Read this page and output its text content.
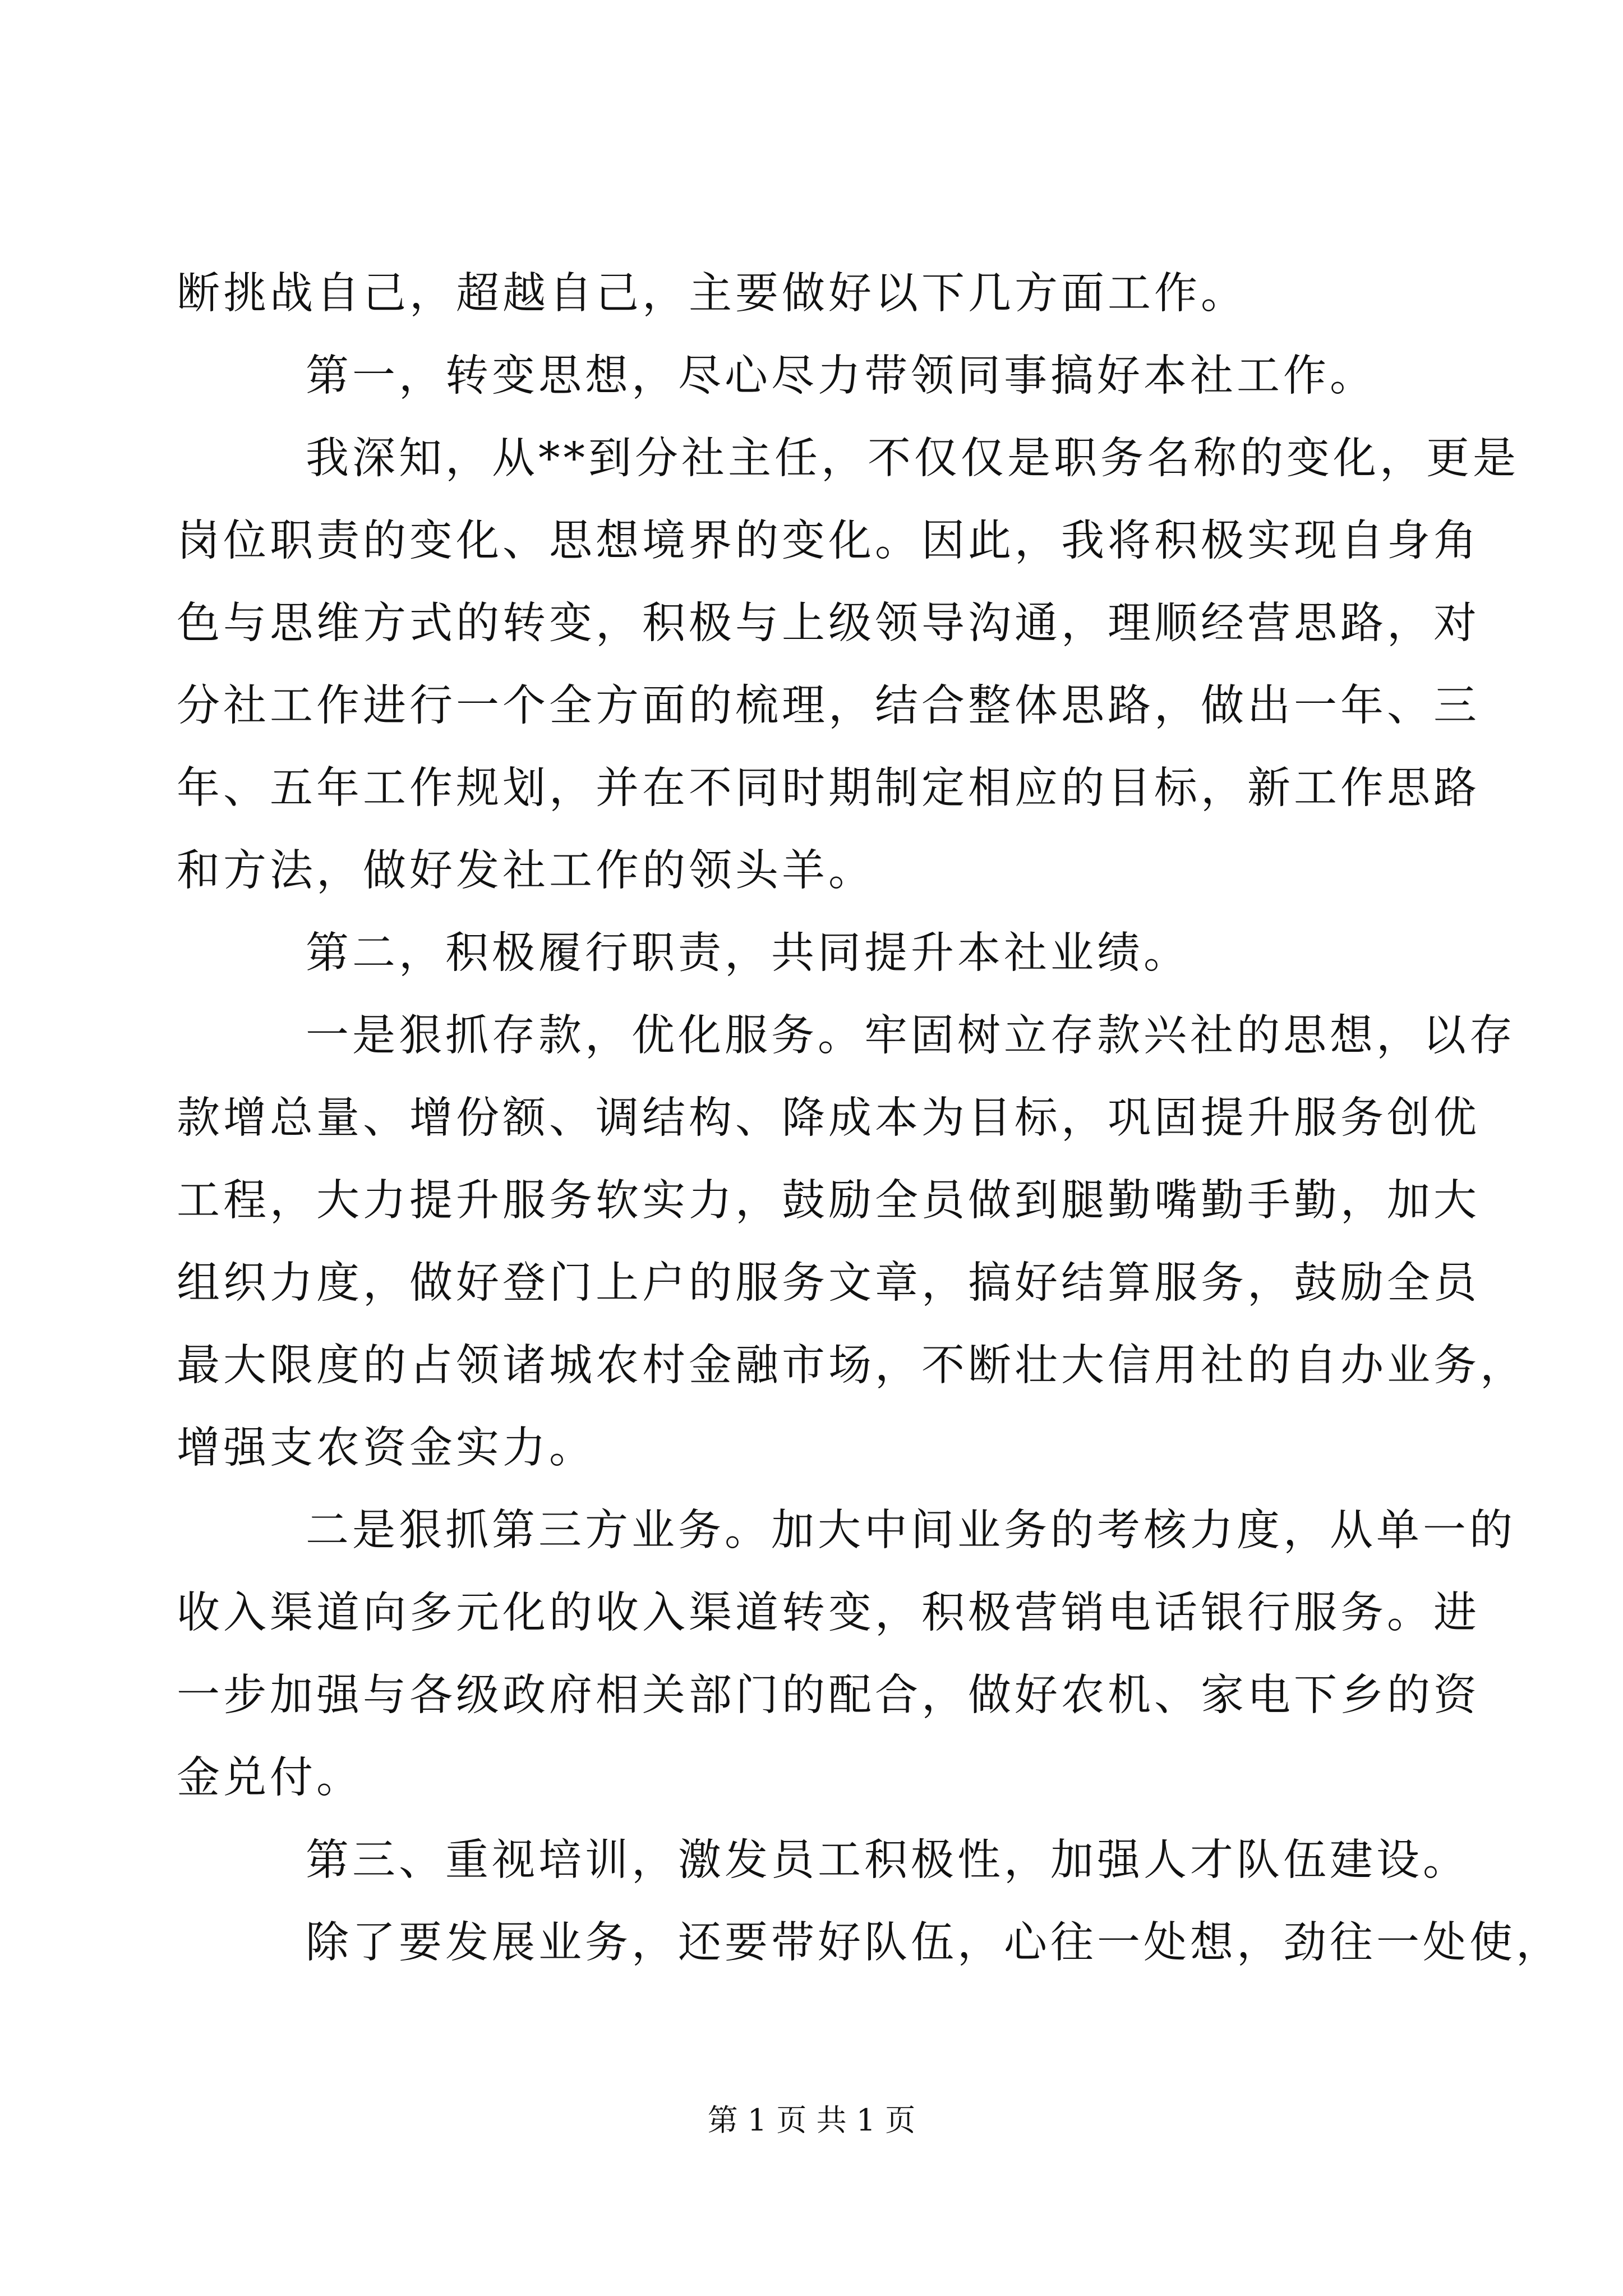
断挑战自己，超越自己，主要做好以下几方面工作。
第一，转变思想，尽心尽力带领同事搞好本社工作。
我深知，从**到分社主任，不仅仅是职务名称的变化，更是
岗位职责的变化、思想境界的变化。因此，我将积极实现自身角
色与思维方式的转变，积极与上级领导沟通，理顺经营思路，对
分社工作进行一个全方面的梳理，结合整体思路，做出一年、三
年、五年工作规划，并在不同时期制定相应的目标，新工作思路
和方法，做好发社工作的领头羊。
第二，积极履行职责，共同提升本社业绩。
一是狠抓存款，优化服务。牢固树立存款兴社的思想，以存
款增总量、增份额、调结构、降成本为目标，巩固提升服务创优
工程，大力提升服务软实力，鼓励全员做到腿勤嘴勤手勤，加大
组织力度，做好登门上户的服务文章，搞好结算服务，鼓励全员
最大限度的占领诸城农村金融市场，不断壮大信用社的自办业务，
增强支农资金实力。
二是狠抓第三方业务。加大中间业务的考核力度，从单一的
收入渠道向多元化的收入渠道转变，积极营销电话银行服务。进
一步加强与各级政府相关部门的配合，做好农机、家电下乡的资
金兑付。
第三、重视培训，激发员工积极性，加强人才队伍建设。
除了要发展业务，还要带好队伍，心往一处想，劲往一处使，
第 1 页 共 1 页
